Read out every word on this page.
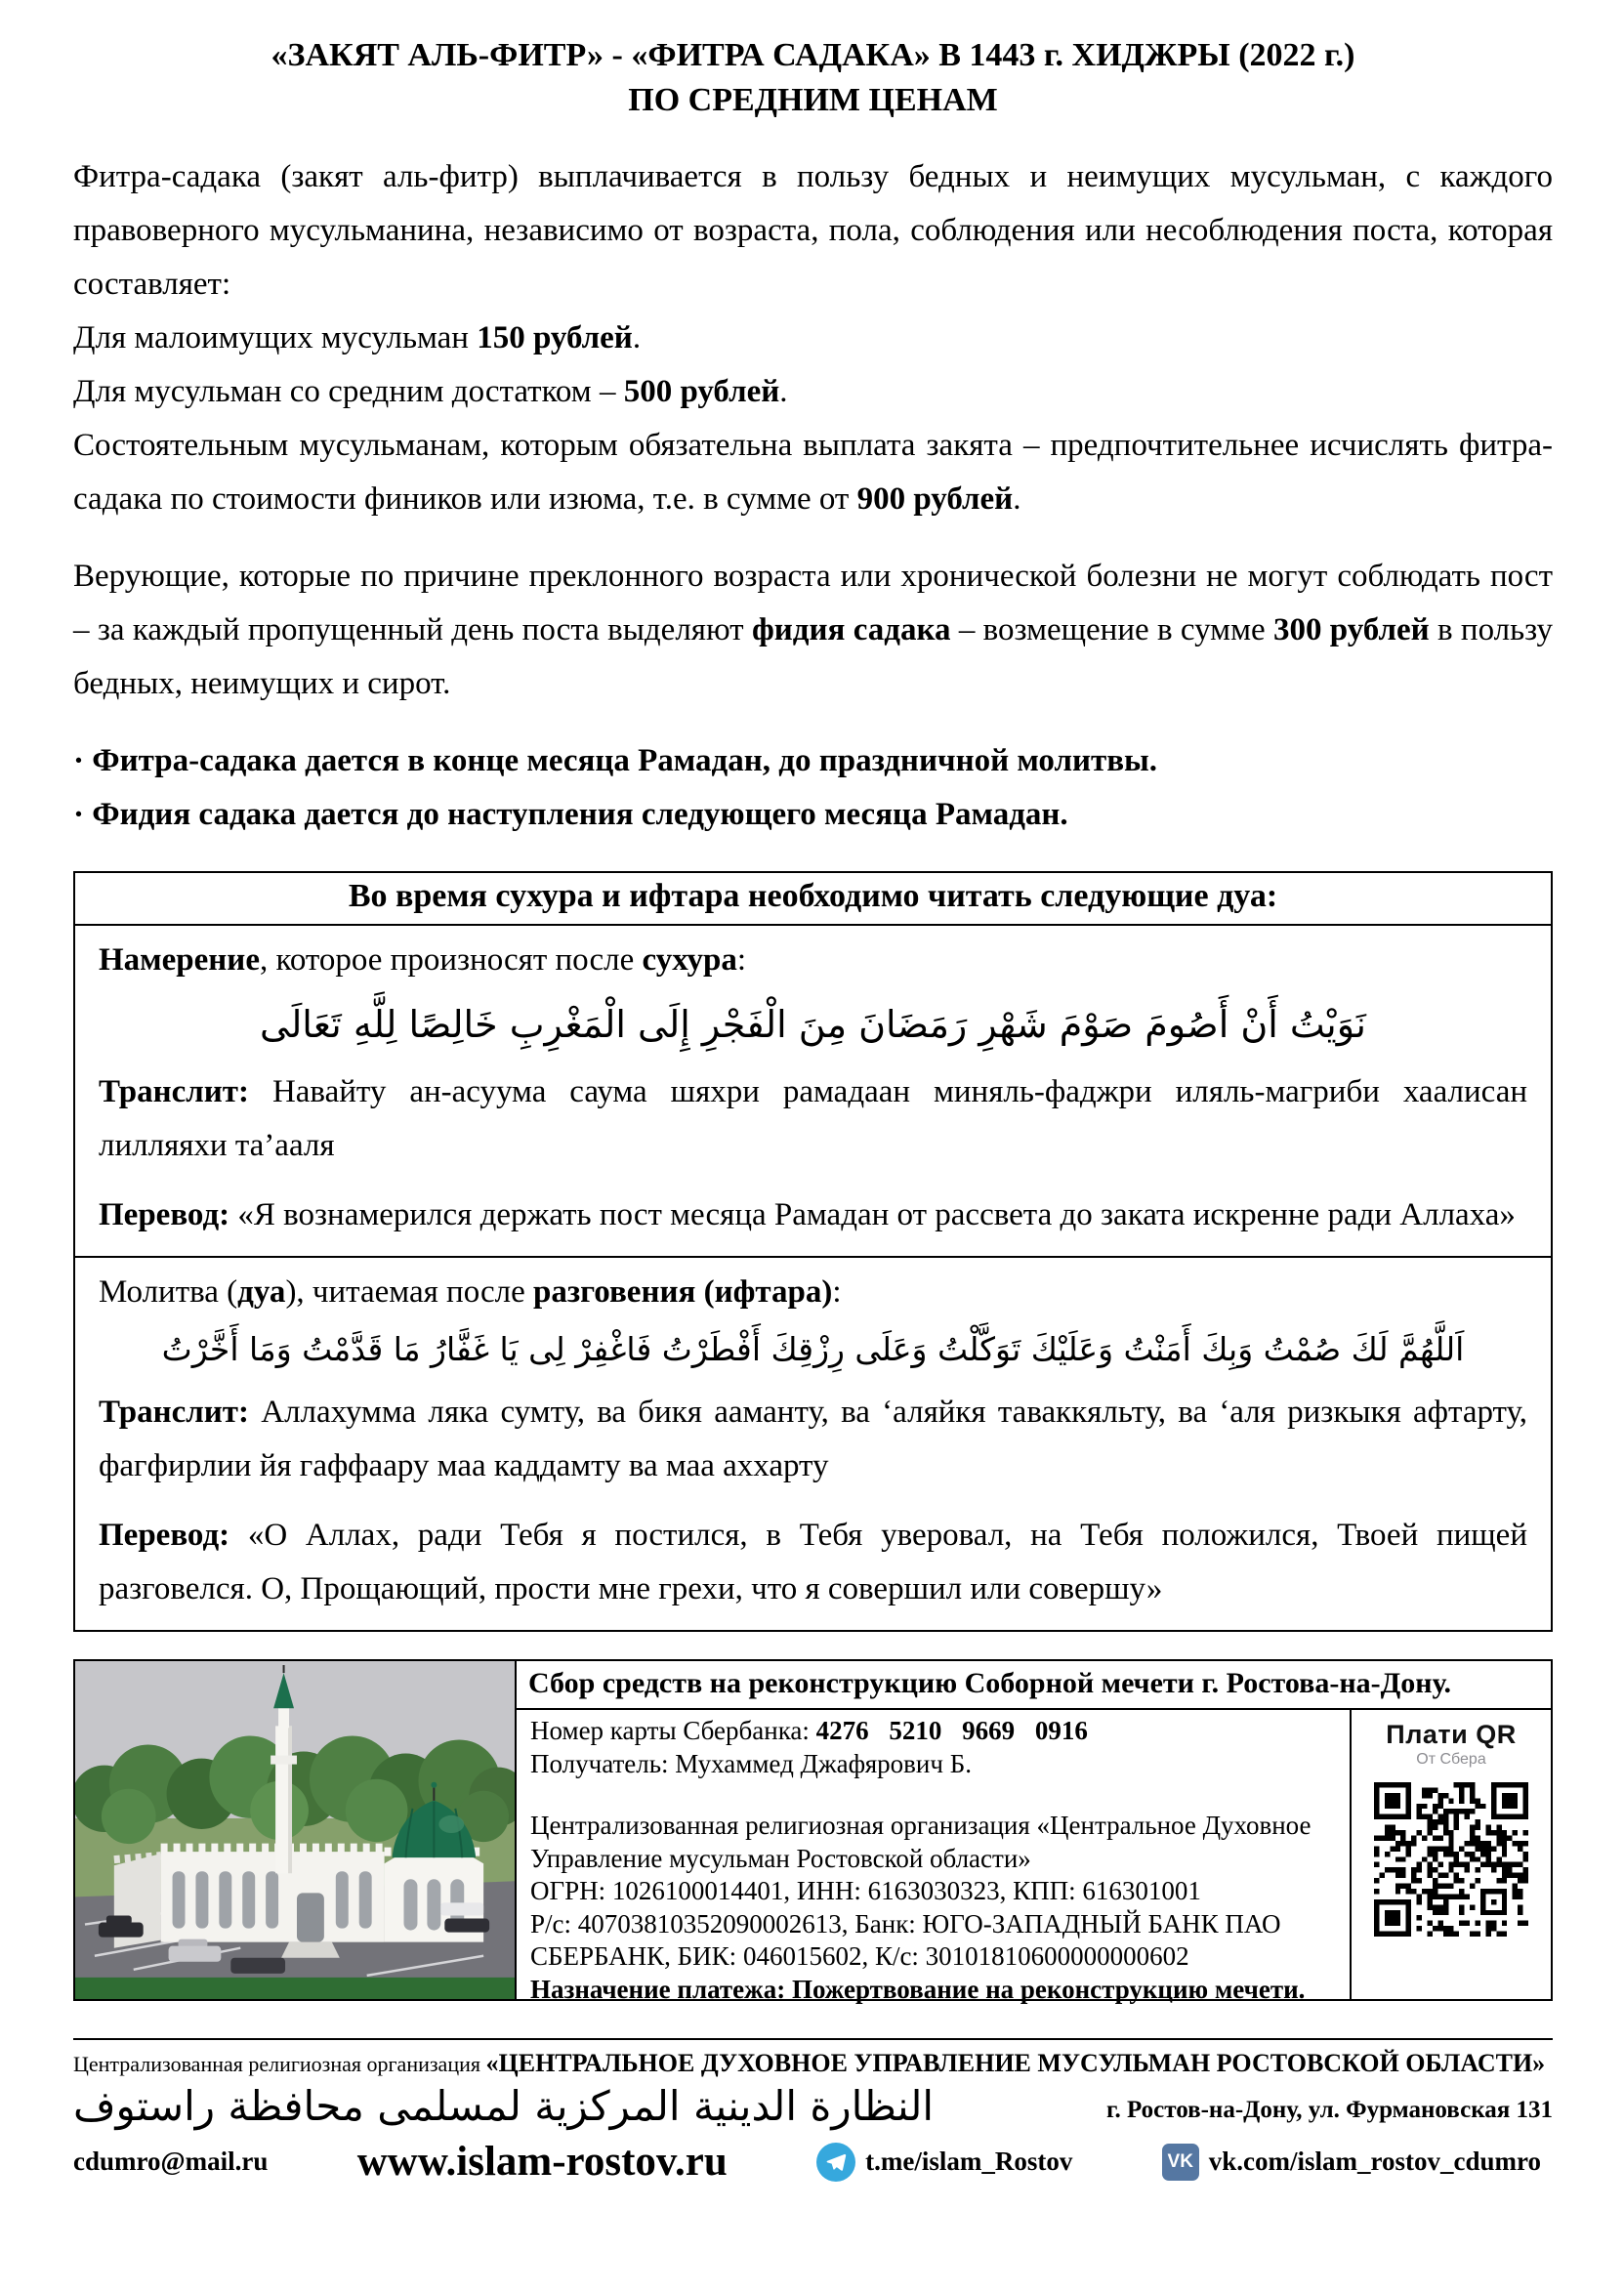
«ЗАКЯТ АЛЬ-ФИТР» - «ФИТРА САДАКА» В 1443 г. ХИДЖРЫ (2022 г.)
ПО СРЕДНИМ ЦЕНАМ

Фитра-садака (закят аль-фитр) выплачивается в пользу бедных и неимущих мусульман, с каждого правоверного мусульманина, независимо от возраста, пола, соблюдения или несоблюдения поста, которая составляет:

Для малоимущих мусульман 150 рублей.

Для мусульман со средним достатком – 500 рублей.

Состоятельным мусульманам, которым обязательна выплата закята – предпочтительнее исчислять фитра-садака по стоимости фиников или изюма, т.е. в сумме от 900 рублей.

Верующие, которые по причине преклонного возраста или хронической болезни не могут соблюдать пост – за каждый пропущенный день поста выделяют фидия садака – возмещение в сумме 300 рублей в пользу бедных, неимущих и сирот.

· Фитра-садака дается в конце месяца Рамадан, до праздничной молитвы.

· Фидия садака дается до наступления следующего месяца Рамадан.

Во время сухура и ифтара необходимо читать следующие дуа:

Намерение, которое произносят после сухура:

نَوَيْتُ أَنْ أَصُومَ صَوْمَ شَهْرِ رَمَضَانَ مِنَ الْفَجْرِ إِلَى الْمَغْرِبِ خَالِصًا لِلَّهِ تَعَالَى

Транслит: Навайту ан-асуума саума шяхри рамадаан миняль-фаджри иляль-магриби хаалисан лилляяхи та’ааля

Перевод: «Я вознамерился держать пост месяца Рамадан от рассвета до заката искренне ради Аллаха»

Молитва (дуа), читаемая после разговения (ифтара):

اَللَّهُمَّ لَكَ صُمْتُ وَبِكَ أَمَنْتُ وَعَلَيْكَ تَوَكَّلْتُ وَعَلَى رِزْقِكَ أَفْطَرْتُ فَاغْفِرْ لِى يَا غَفَّارُ مَا قَدَّمْتُ وَمَا أَخَّرْتُ

Транслит: Аллахумма ляка сумту, ва бикя ааманту, ва ‘аляйкя таваккяльту, ва ‘аля ризкыкя афтарту, фагфирлии йя гаффаару маа каддамту ва маа аххарту

Перевод: «О Аллах, ради Тебя я постился, в Тебя уверовал, на Тебя положился, Твоей пищей разговелся. О, Прощающий, прости мне грехи, что я совершил или совершу»

Сбор средств на реконструкцию Соборной мечети г. Ростова-на-Дону.

Номер карты Сбербанка: 4276 5210 9669 0916

Получатель: Мухаммед Джафярович Б.

Централизованная религиозная организация «Центральное Духовное Управление мусульман Ростовской области»

ОГРН: 1026100014401, ИНН: 6163030323, КПП: 616301001

Р/с: 40703810352090002613, Банк: ЮГО-ЗАПАДНЫЙ БАНК ПАО СБЕРБАНК, БИК: 046015602, К/с: 30101810600000000602

Назначение платежа: Пожертвование на реконструкцию мечети.

Плати QR
От Сбера
Централизованная религиозная организация «ЦЕНТРАЛЬНОЕ ДУХОВНОЕ УПРАВЛЕНИЕ МУСУЛЬМАН РОСТОВСКОЙ ОБЛАСТИ»
النظارة الدينية المركزية لمسلمى محافظة راستوف	г. Ростов-на-Дону, ул. Фурмановская 131
cdumro@mail.ru www.islam-rostov.ru	t.me/islam_Rostov	VK vk.com/islam_rostov_cdumro
